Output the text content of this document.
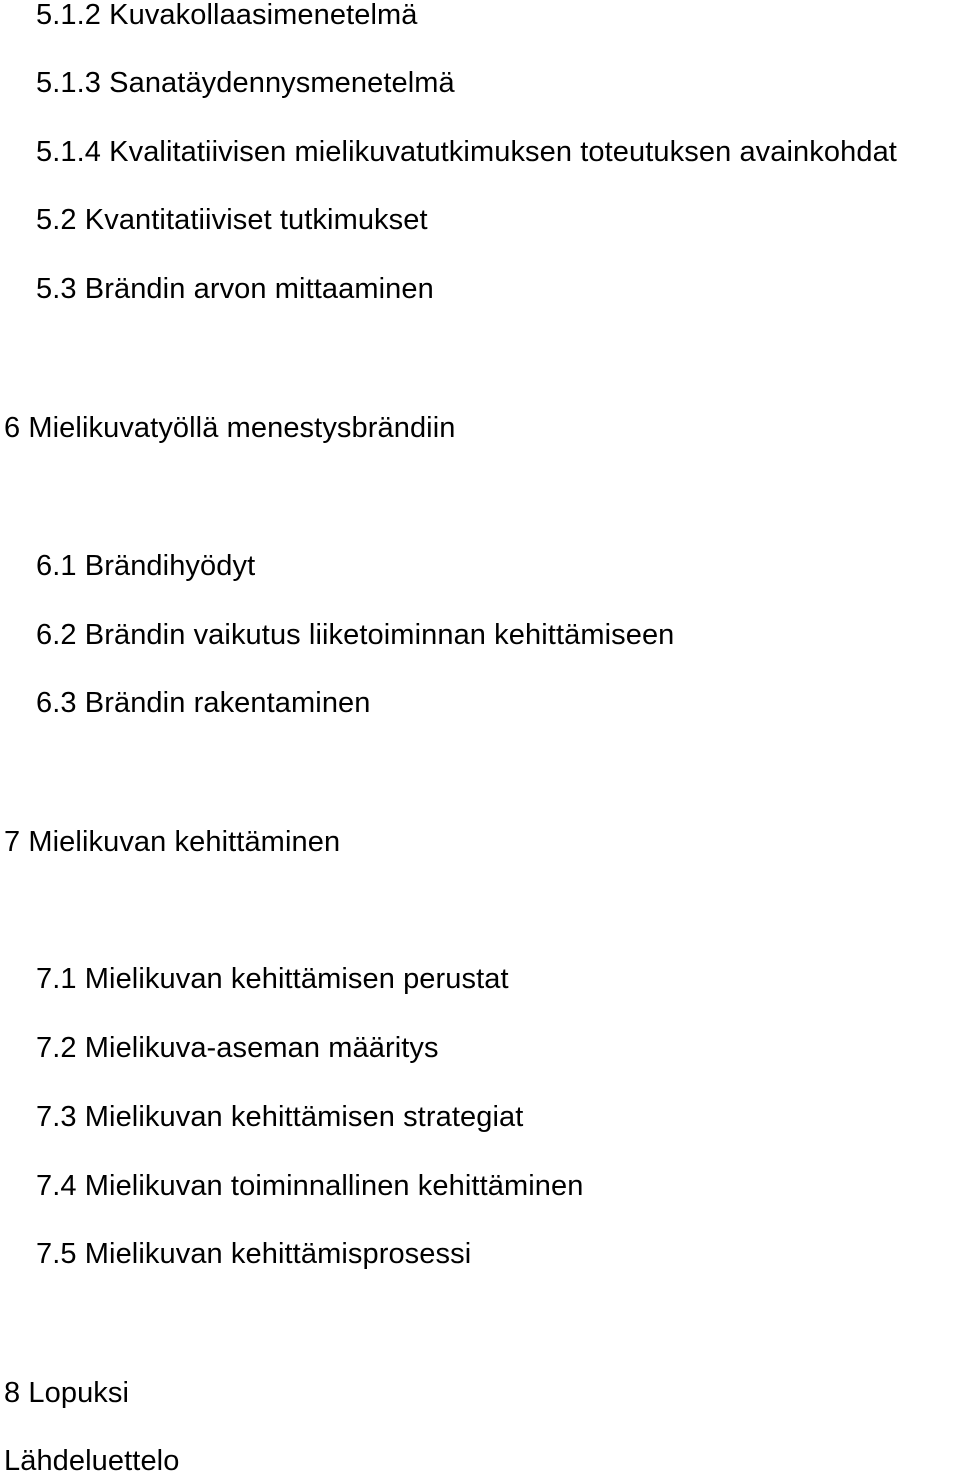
5.1.2 Kuvakollaasimenetelmä
5.1.3 Sanatäydennysmenetelmä
5.1.4 Kvalitatiivisen mielikuvatutkimuksen toteutuksen avainkohdat
5.2 Kvantitatiiviset tutkimukset
5.3 Brändin arvon mittaaminen
6 Mielikuvatyöllä menestysbrändiin
6.1 Brändihyödyt
6.2 Brändin vaikutus liiketoiminnan kehittämiseen
6.3 Brändin rakentaminen
7 Mielikuvan kehittäminen
7.1 Mielikuvan kehittämisen perustat
7.2 Mielikuva-aseman määritys
7.3 Mielikuvan kehittämisen strategiat
7.4 Mielikuvan toiminnallinen kehittäminen
7.5 Mielikuvan kehittämisprosessi
8 Lopuksi
Lähdeluettelo
